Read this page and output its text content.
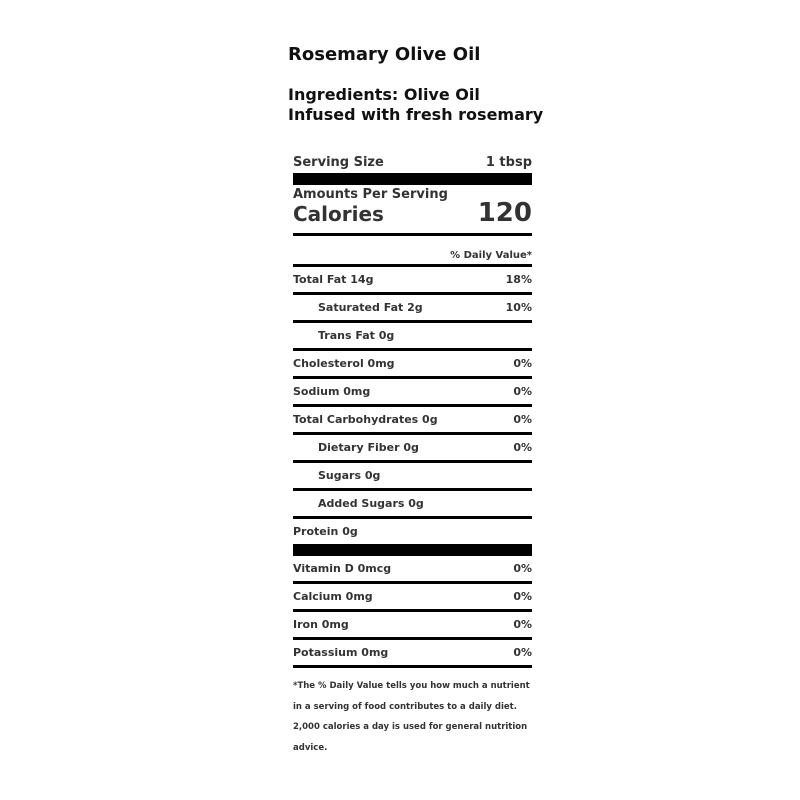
Rosemary Olive Oil
Ingredients: Olive Oil
Infused with fresh rosemary
Serving Size	1 tbsp
Amounts Per Serving
Calories	120
% Daily Value*
Total Fat 14g	18%
Saturated Fat 2g	10%
Trans Fat 0g
Cholesterol 0mg	0%
Sodium 0mg	0%
Total Carbohydrates 0g	0%
Dietary Fiber 0g	0%
Sugars 0g
Added Sugars 0g
Protein 0g
Vitamin D 0mcg	0%
Calcium 0mg	0%
Iron 0mg	0%
Potassium 0mg	0%
*The % Daily Value tells you how much a nutrient in a serving of food contributes to a daily diet. 2,000 calories a day is used for general nutrition advice.
